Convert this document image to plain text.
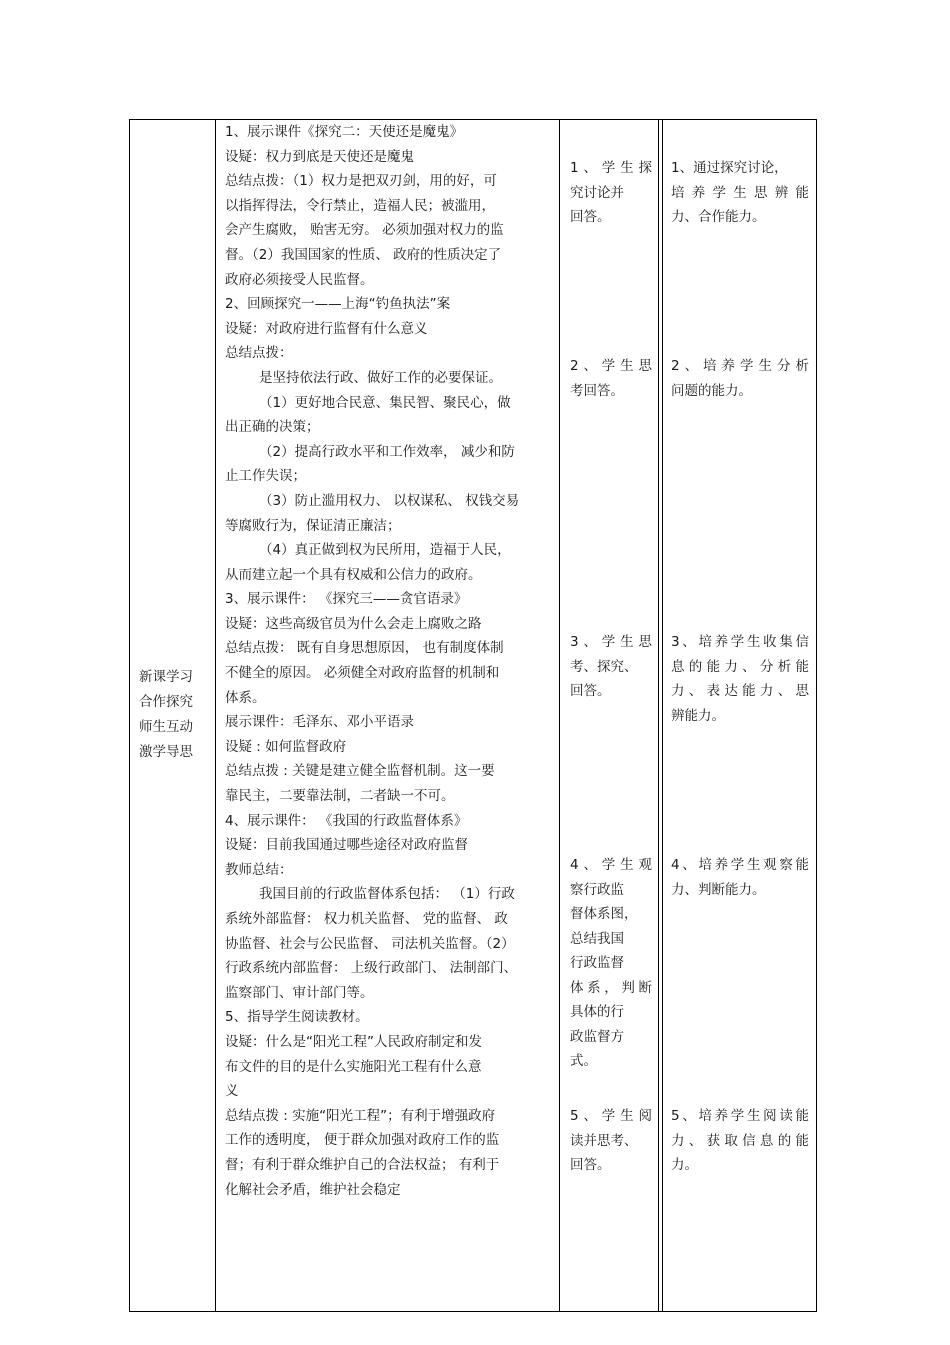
新课学习
合作探究
师生互动
激学导思
1、展示课件《探究二：天使还是魔鬼》
设疑：权力到底是天使还是魔鬼
总结点拨：（1）权力是把双刃剑，用的好，可
以指挥得法，令行禁止，造福人民；被滥用，
会产生腐败， 贻害无穷。 必须加强对权力的监
督。（2）我国国家的性质、 政府的性质决定了
政府必须接受人民监督。
2、回顾探究一——上海“钓鱼执法”案
设疑：对政府进行监督有什么意义
总结点拨：
是坚持依法行政、做好工作的必要保证。
（1）更好地合民意、集民智、聚民心，做
出正确的决策；
（2）提高行政水平和工作效率， 减少和防
止工作失误；
（3）防止滥用权力、 以权谋私、 权钱交易
等腐败行为，保证清正廉洁；
（4）真正做到权为民所用，造福于人民，
从而建立起一个具有权威和公信力的政府。
3、展示课件： 《探究三——贪官语录》
设疑：这些高级官员为什么会走上腐败之路
总结点拨： 既有自身思想原因， 也有制度体制
不健全的原因。 必须健全对政府监督的机制和
体系。
展示课件：毛泽东、邓小平语录
设疑 : 如何监督政府
总结点拨 : 关键是建立健全监督机制。这一要
靠民主，二要靠法制，二者缺一不可。
4、展示课件： 《我国的行政监督体系》
设疑：目前我国通过哪些途径对政府监督
教师总结：
我国目前的行政监督体系包括： （1）行政
系统外部监督： 权力机关监督、 党的监督、 政
协监督、社会与公民监督、 司法机关监督。（2）
行政系统内部监督： 上级行政部门、 法制部门、
监察部门、审计部门等。
5、指导学生阅读教材。
设疑：什么是“阳光工程”人民政府制定和发
布文件的目的是什么实施阳光工程有什么意
义
总结点拨 : 实施“阳光工程”；有利于增强政府
工作的透明度， 便于群众加强对政府工作的监
督；有利于群众维护自己的合法权益； 有利于
化解社会矛盾，维护社会稳定
1、学生探
究讨论并
回答。
2、学生思
考回答。
3、学生思
考、探究、
回答。
4、学生观
察行政监
督体系图，
总结我国
行政监督
体系，判断
具体的行
政监督方
式。
5、学生阅
读并思考、
回答。
1、通过探究讨论，
培养学生思辨能
力、合作能力。
2、培养学生分析
问题的能力。
3、培养学生收集信
息的能力、分析能
力、表达能力、思
辨能力。
4、培养学生观察能
力、判断能力。
5、培养学生阅读能
力、获取信息的能
力。
